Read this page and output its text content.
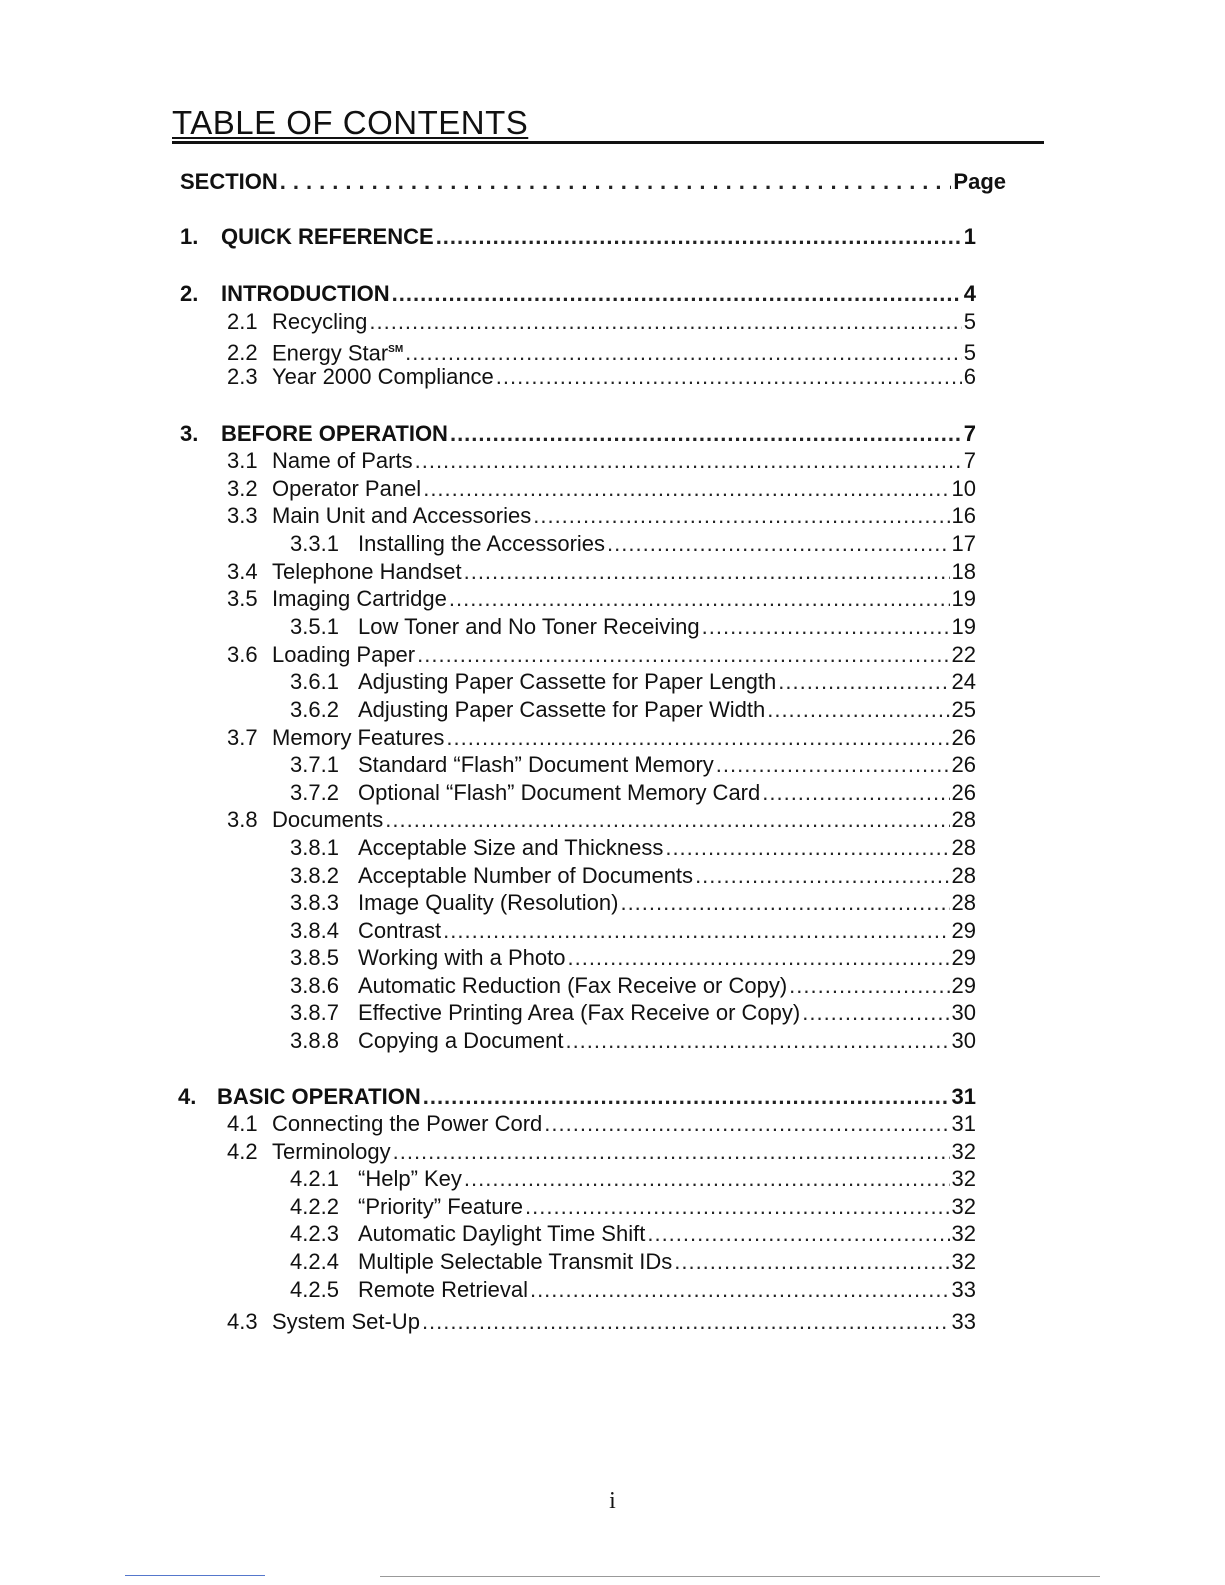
TABLE OF CONTENTS
SECTION .....	Page
1.	QUICK REFERENCE .....	1
2.	INTRODUCTION .....	4
2.1 Recycling .....	5
2.2 Energy Star℠ .....	5
2.3 Year 2000 Compliance .....	6
3.	BEFORE OPERATION .....	7
3.1 Name of Parts .....	7
3.2 Operator Panel .....	10
3.3 Main Unit and Accessories .....	16
3.3.1 Installing the Accessories .....	17
3.4 Telephone Handset .....	18
3.5 Imaging Cartridge .....	19
3.5.1 Low Toner and No Toner Receiving .....	19
3.6 Loading Paper .....	22
3.6.1 Adjusting Paper Cassette for Paper Length .....	24
3.6.2 Adjusting Paper Cassette for Paper Width .....	25
3.7 Memory Features .....	26
3.7.1 Standard “Flash” Document Memory .....	26
3.7.2 Optional “Flash” Document Memory Card .....	26
3.8 Documents .....	28
3.8.1 Acceptable Size and Thickness .....	28
3.8.2 Acceptable Number of Documents .....	28
3.8.3 Image Quality (Resolution) .....	28
3.8.4 Contrast .....	29
3.8.5 Working with a Photo .....	29
3.8.6 Automatic Reduction (Fax Receive or Copy) .....	29
3.8.7 Effective Printing Area (Fax Receive or Copy) .....	30
3.8.8 Copying a Document .....	30
4. BASIC OPERATION .....	31
4.1 Connecting the Power Cord .....	31
4.2 Terminology .....	32
4.2.1 “Help” Key .....	32
4.2.2 “Priority” Feature .....	32
4.2.3 Automatic Daylight Time Shift .....	32
4.2.4 Multiple Selectable Transmit IDs .....	32
4.2.5 Remote Retrieval .....	33
4.3 System Set-Up .....	33
i
